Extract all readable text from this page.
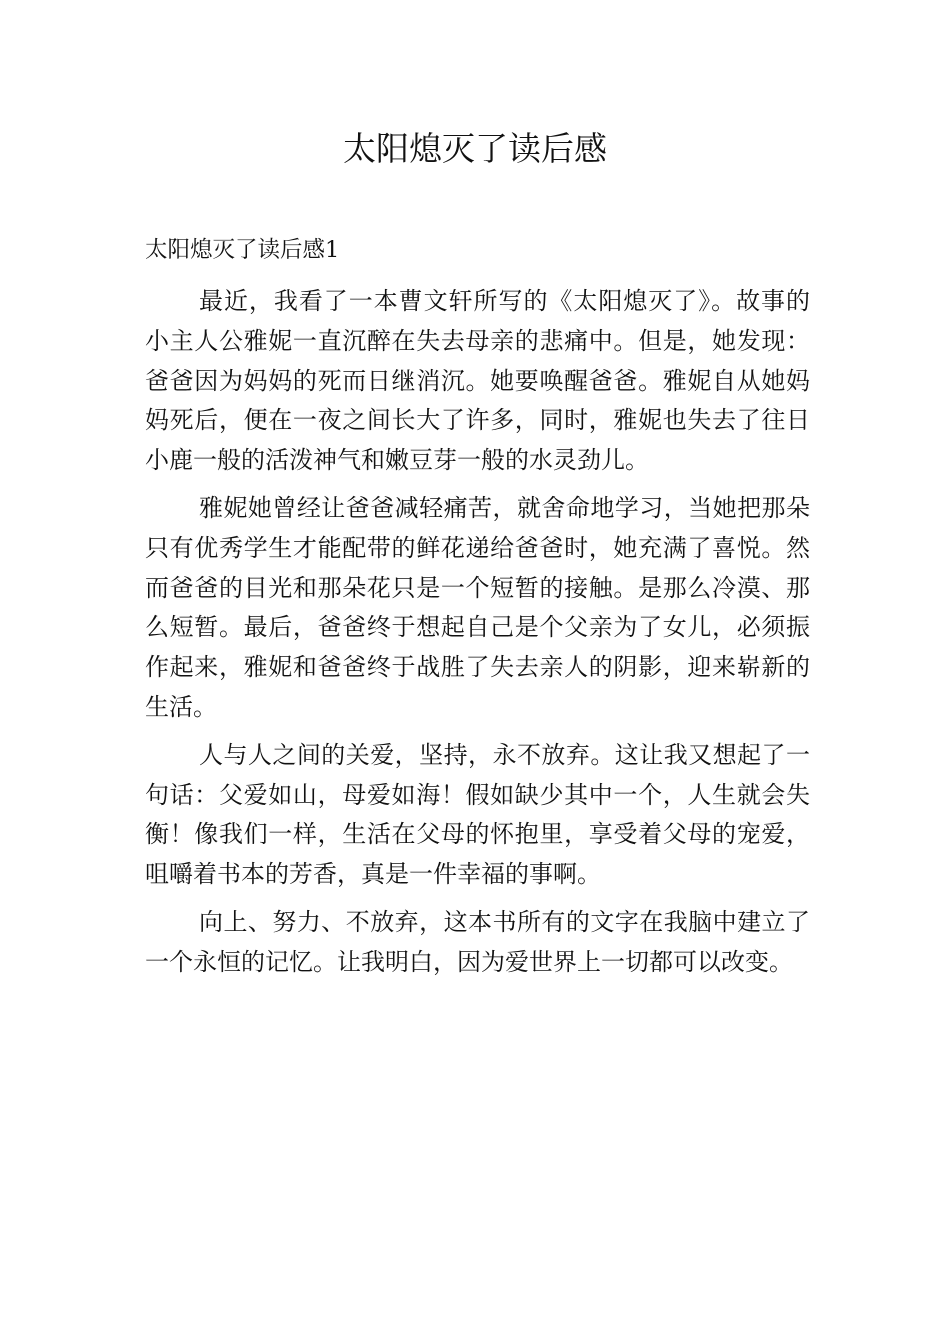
太阳熄灭了读后感

太阳熄灭了读后感1

最近，我看了一本曹文轩所写的《太阳熄灭了》。故事的小主人公雅妮一直沉醉在失去母亲的悲痛中。但是，她发现：爸爸因为妈妈的死而日继消沉。她要唤醒爸爸。雅妮自从她妈妈死后，便在一夜之间长大了许多，同时，雅妮也失去了往日小鹿一般的活泼神气和嫩豆芽一般的水灵劲儿。

雅妮她曾经让爸爸减轻痛苦，就舍命地学习，当她把那朵只有优秀学生才能配带的鲜花递给爸爸时，她充满了喜悦。然而爸爸的目光和那朵花只是一个短暂的接触。是那么冷漠、那么短暂。最后，爸爸终于想起自己是个父亲为了女儿，必须振作起来，雅妮和爸爸终于战胜了失去亲人的阴影，迎来崭新的生活。

人与人之间的关爱，坚持，永不放弃。这让我又想起了一句话：父爱如山，母爱如海！假如缺少其中一个，人生就会失衡！像我们一样，生活在父母的怀抱里，享受着父母的宠爱，咀嚼着书本的芳香，真是一件幸福的事啊。

向上、努力、不放弃，这本书所有的文字在我脑中建立了一个永恒的记忆。让我明白，因为爱世界上一切都可以改变。
